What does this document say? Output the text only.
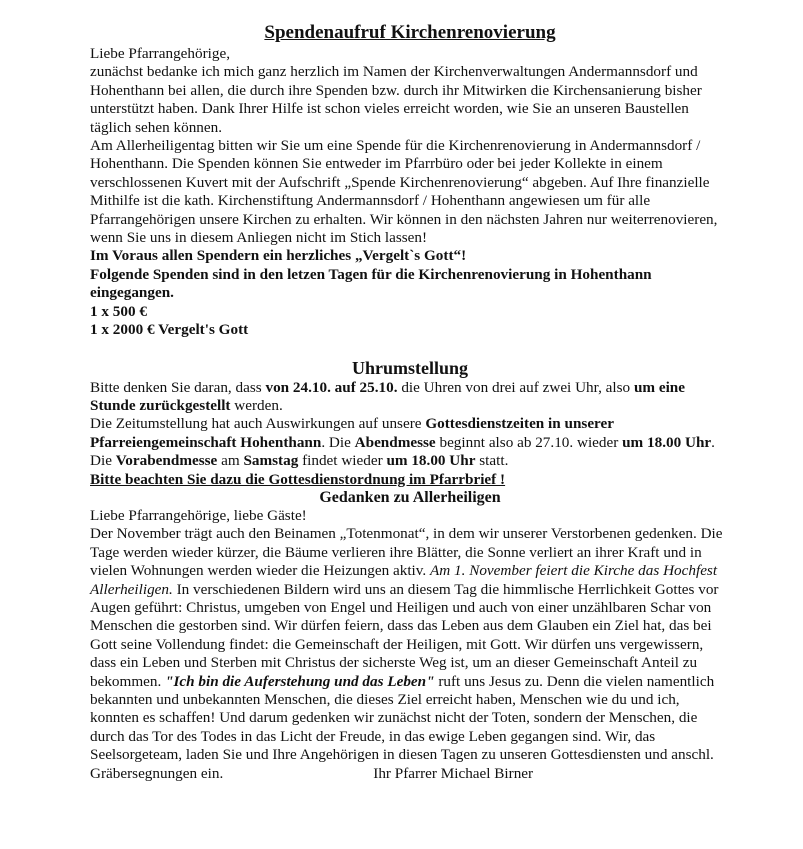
Spendenaufruf Kirchenrenovierung

Liebe Pfarrangehörige,

zunächst bedanke ich mich ganz herzlich im Namen der Kirchenverwaltungen Andermannsdorf und Hohenthann bei allen, die durch ihre Spenden bzw. durch ihr Mitwirken die Kirchensanierung bisher unterstützt haben. Dank Ihrer Hilfe ist schon vieles erreicht worden, wie Sie an unseren Baustellen täglich sehen können.

Am Allerheiligentag bitten wir Sie um eine Spende für die Kirchenrenovierung in Andermannsdorf / Hohenthann. Die Spenden können Sie entweder im Pfarrbüro oder bei jeder Kollekte in einem verschlossenen Kuvert mit der Aufschrift „Spende Kirchenrenovierung“ abgeben. Auf Ihre finanzielle Mithilfe ist die kath. Kirchenstiftung Andermannsdorf / Hohenthann angewiesen um für alle Pfarrangehörigen unsere Kirchen zu erhalten. Wir können in den nächsten Jahren nur weiterrenovieren, wenn Sie uns in diesem Anliegen nicht im Stich lassen!

Im Voraus allen Spendern ein herzliches „Vergelt`s Gott“!

Folgende Spenden sind in den letzen Tagen für die Kirchenrenovierung in Hohenthann eingegangen.

1 x 500 €

1 x 2000 € Vergelt's Gott

Uhrumstellung

Bitte denken Sie daran, dass von 24.10. auf 25.10. die Uhren von drei auf zwei Uhr, also um eine Stunde zurückgestellt werden.

Die Zeitumstellung hat auch Auswirkungen auf unsere Gottesdienstzeiten in unserer Pfarreiengemeinschaft Hohenthann. Die Abendmesse beginnt also ab 27.10. wieder um 18.00 Uhr. Die Vorabendmesse am Samstag findet wieder um 18.00 Uhr statt.

Bitte beachten Sie dazu die Gottesdienstordnung im Pfarrbrief !

Gedanken zu Allerheiligen

Liebe Pfarrangehörige, liebe Gäste!

Der November trägt auch den Beinamen „Totenmonat“, in dem wir unserer Verstorbenen gedenken. Die Tage werden wieder kürzer, die Bäume verlieren ihre Blätter, die Sonne verliert an ihrer Kraft und in vielen Wohnungen werden wieder die Heizungen aktiv. Am 1. November feiert die Kirche das Hochfest Allerheiligen. In verschiedenen Bildern wird uns an diesem Tag die himmlische Herrlichkeit Gottes vor Augen geführt: Christus, umgeben von Engel und Heiligen und auch von einer unzählbaren Schar von Menschen die gestorben sind. Wir dürfen feiern, dass das Leben aus dem Glauben ein Ziel hat, das bei Gott seine Vollendung findet: die Gemeinschaft der Heiligen, mit Gott. Wir dürfen uns vergewissern, dass ein Leben und Sterben mit Christus der sicherste Weg ist, um an dieser Gemeinschaft Anteil zu bekommen. "Ich bin die Auferstehung und das Leben" ruft uns Jesus zu. Denn die vielen namentlich bekannten und unbekannten Menschen, die dieses Ziel erreicht haben, Menschen wie du und ich, konnten es schaffen! Und darum gedenken wir zunächst nicht der Toten, sondern der Menschen, die durch das Tor des Todes in das Licht der Freude, in das ewige Leben gegangen sind. Wir, das Seelsorgeteam, laden Sie und Ihre Angehörigen in diesen Tagen zu unseren Gottesdiensten und anschl. Gräbersegnungen ein.	Ihr Pfarrer Michael Birner
